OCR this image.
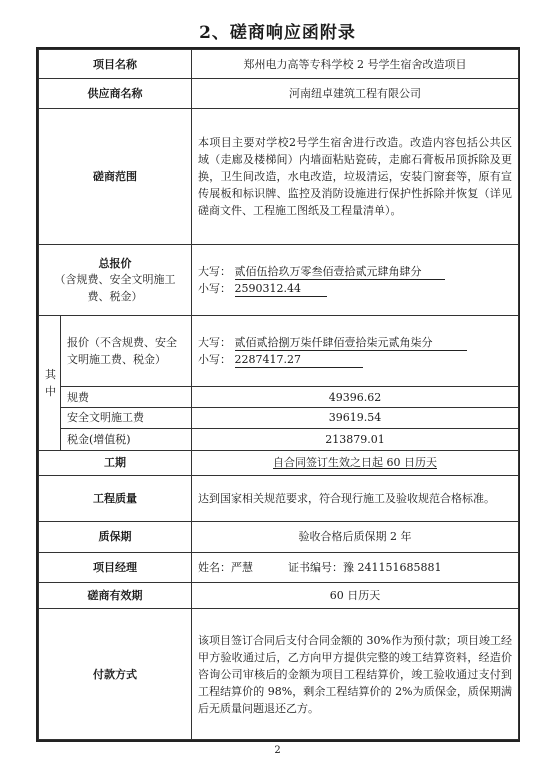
2、磋商响应函附录
项目名称		郑州电力高等专科学校 2 号学生宿舍改造项目
供应商名称		河南纽卓建筑工程有限公司
磋商范围		本项目主要对学校2号学生宿舍进行改造。改造内容包括公共区域（走廊及楼梯间）内墙面粘贴瓷砖，走廊石膏板吊顶拆除及更换，卫生间改造，水电改造，垃圾清运，安装门窗套等，原有宣传展板和标识牌、监控及消防设施进行保护性拆除并恢复（详见磋商文件、工程施工图纸及工程量清单）。
总报价
（含规费、安全文明施工费、税金）		大写： 贰佰伍拾玖万零叁佰壹拾贰元肆角肆分
小写： 2590312.44

其
中	报价（不含规费、安全文明施工费、税金）	大写： 贰佰贰拾捌万柒仟肆佰壹拾柒元贰角柒分
小写： 2287417.27

	规费	49396.62
	安全文明施工费	39619.54
	税金(增值税)	213879.01
工期		自合同签订生效之日起 60 日历天
工程质量		达到国家相关规范要求，符合现行施工及验收规范合格标准。
质保期		验收合格后质保期 2 年
项目经理		姓名：严慧 证书编号：豫 241151685881
磋商有效期		60 日历天
付款方式		该项目签订合同后支付合同金额的 30%作为预付款；项目竣工经甲方验收通过后，乙方向甲方提供完整的竣工结算资料，经造价咨询公司审核后的金额为项目工程结算价，竣工验收通过支付到工程结算价的 98%，剩余工程结算价的 2%为质保金，质保期满后无质量问题退还乙方。
2
